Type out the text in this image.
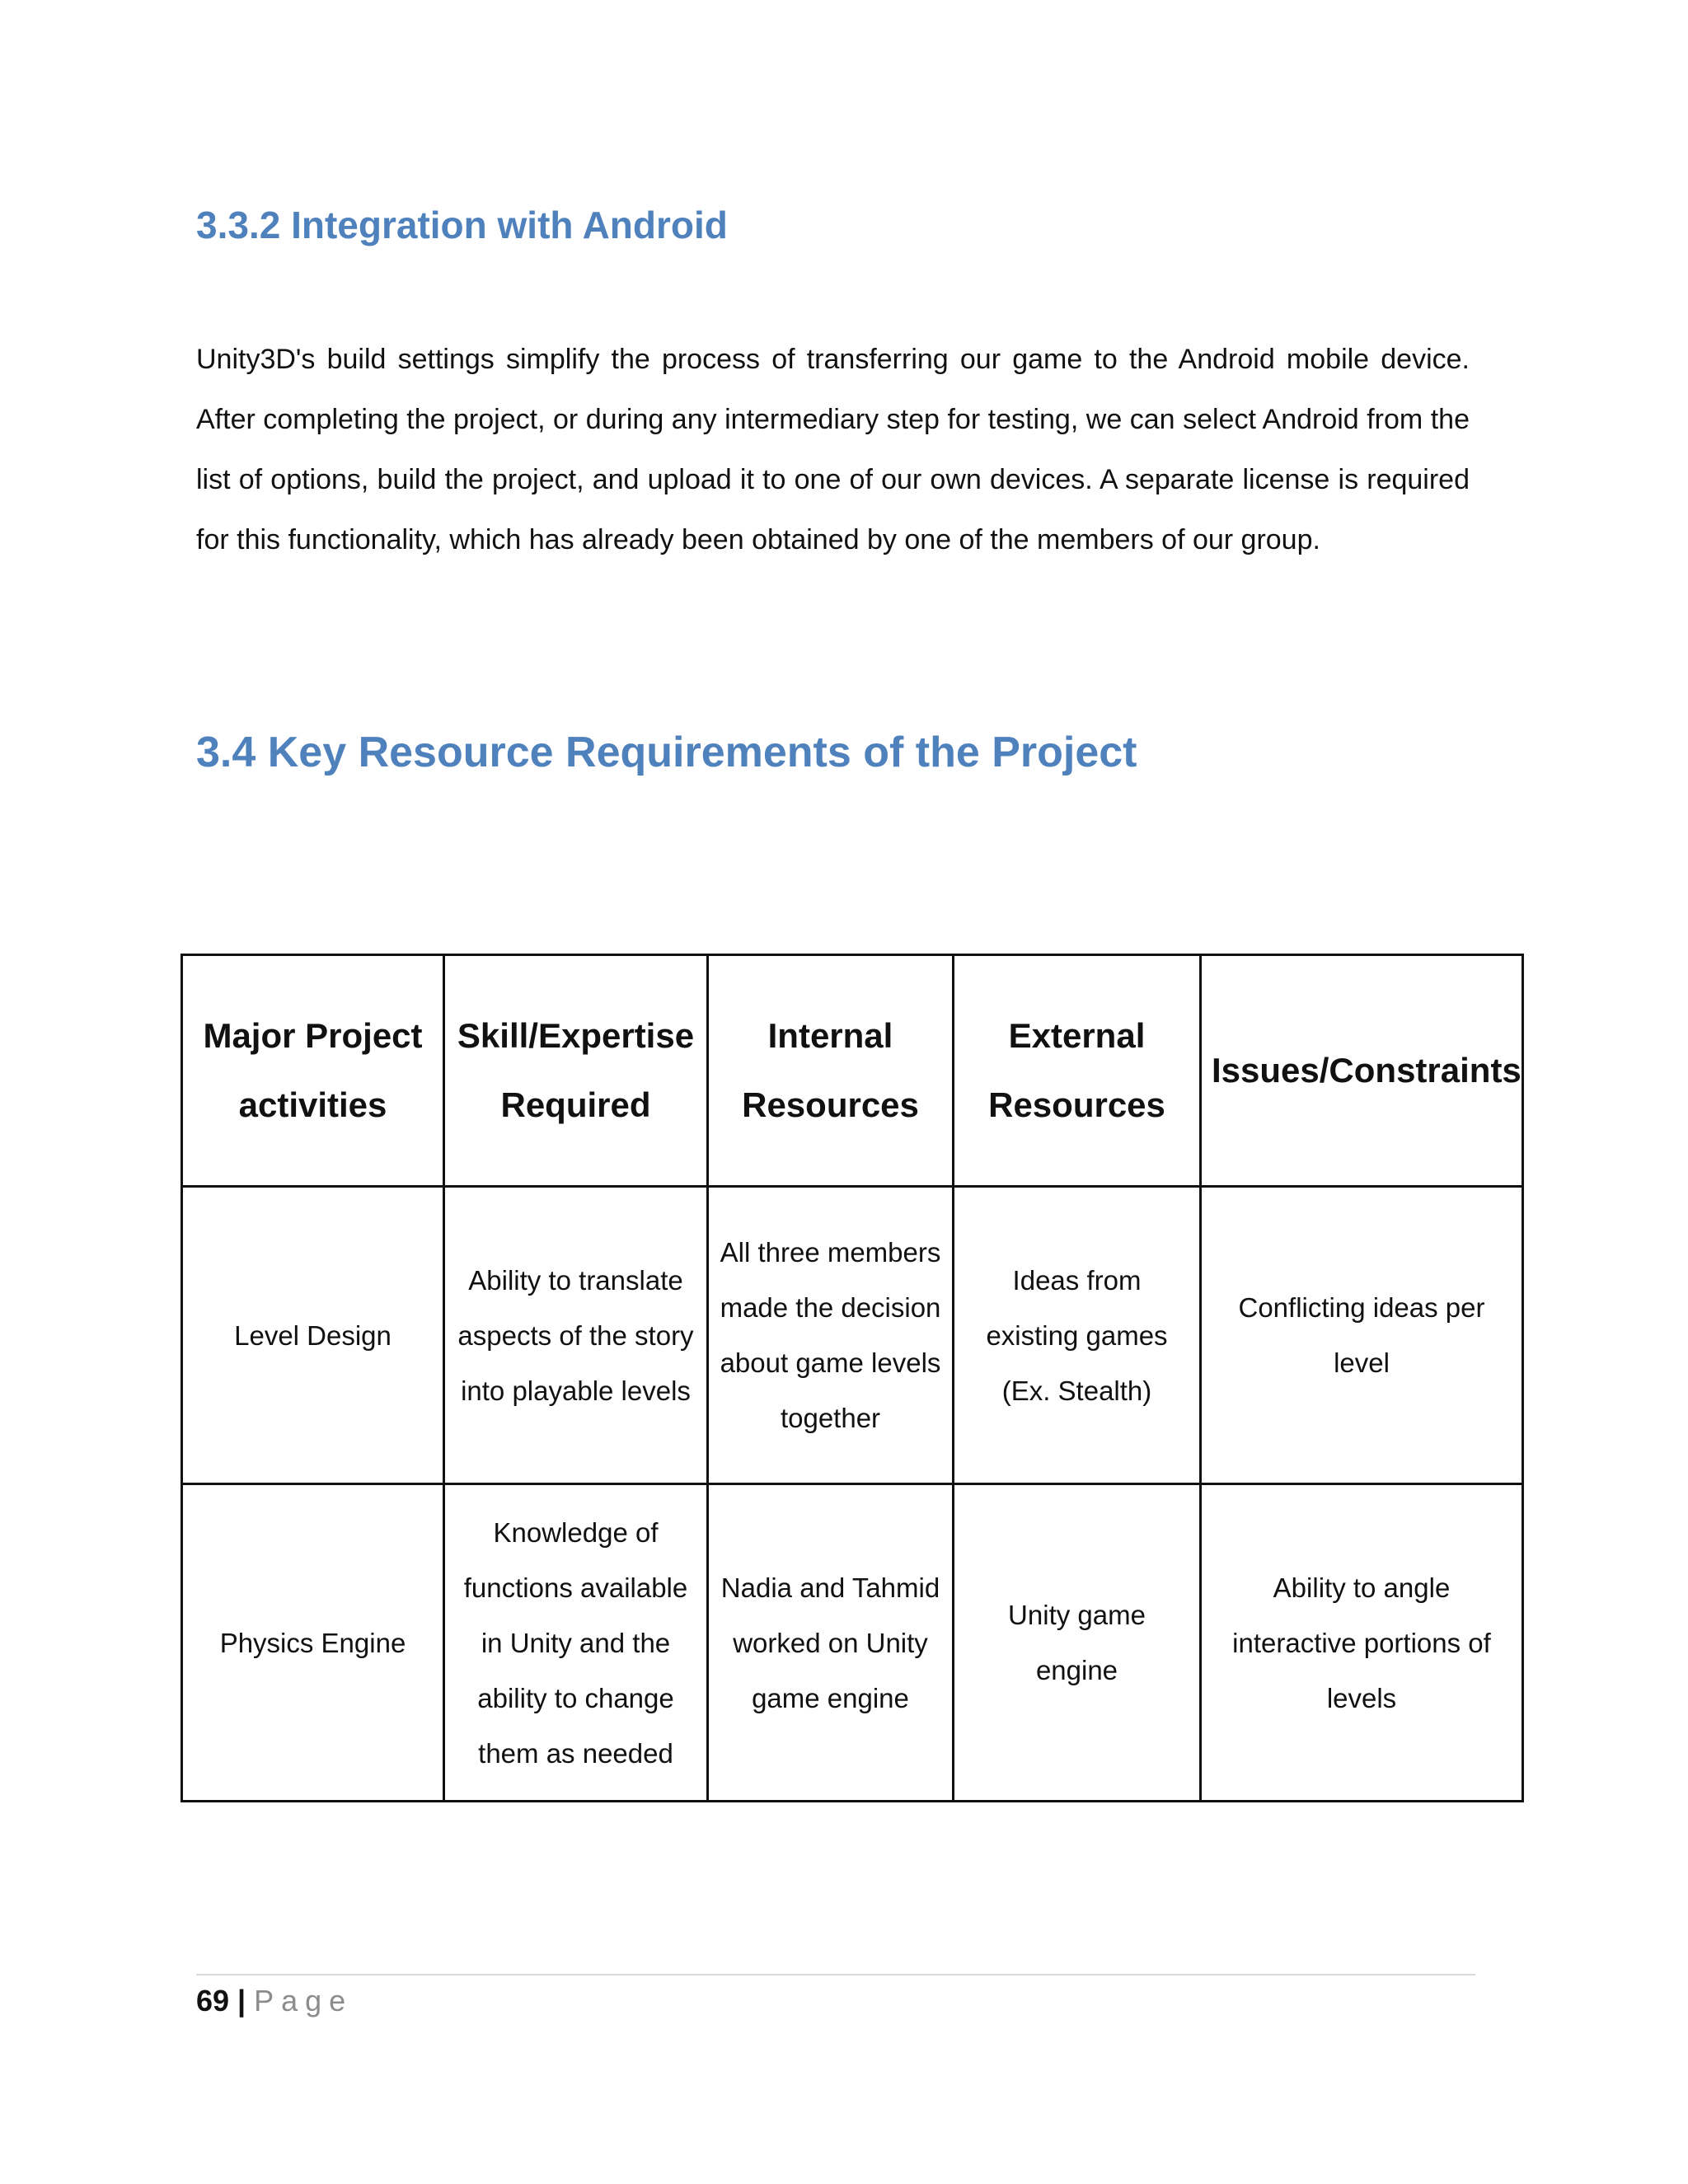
3.3.2 Integration with Android

Unity3D's build settings simplify the process of transferring our game to the Android mobile device. After completing the project, or during any intermediary step for testing, we can select Android from the list of options, build the project, and upload it to one of our own devices. A separate license is required for this functionality, which has already been obtained by one of the members of our group.

3.4 Key Resource Requirements of the Project
Major Project activities	Skill/Expertise Required	Internal Resources	External Resources	Issues/Constraints
Level Design	Ability to translate aspects of the story into playable levels	All three members made the decision about game levels together	Ideas from existing games (Ex. Stealth)	Conflicting ideas per level
Physics Engine	Knowledge of functions available in Unity and the ability to change them as needed	Nadia and Tahmid worked on Unity game engine	Unity game engine	Ability to angle interactive portions of levels
69 | Page
